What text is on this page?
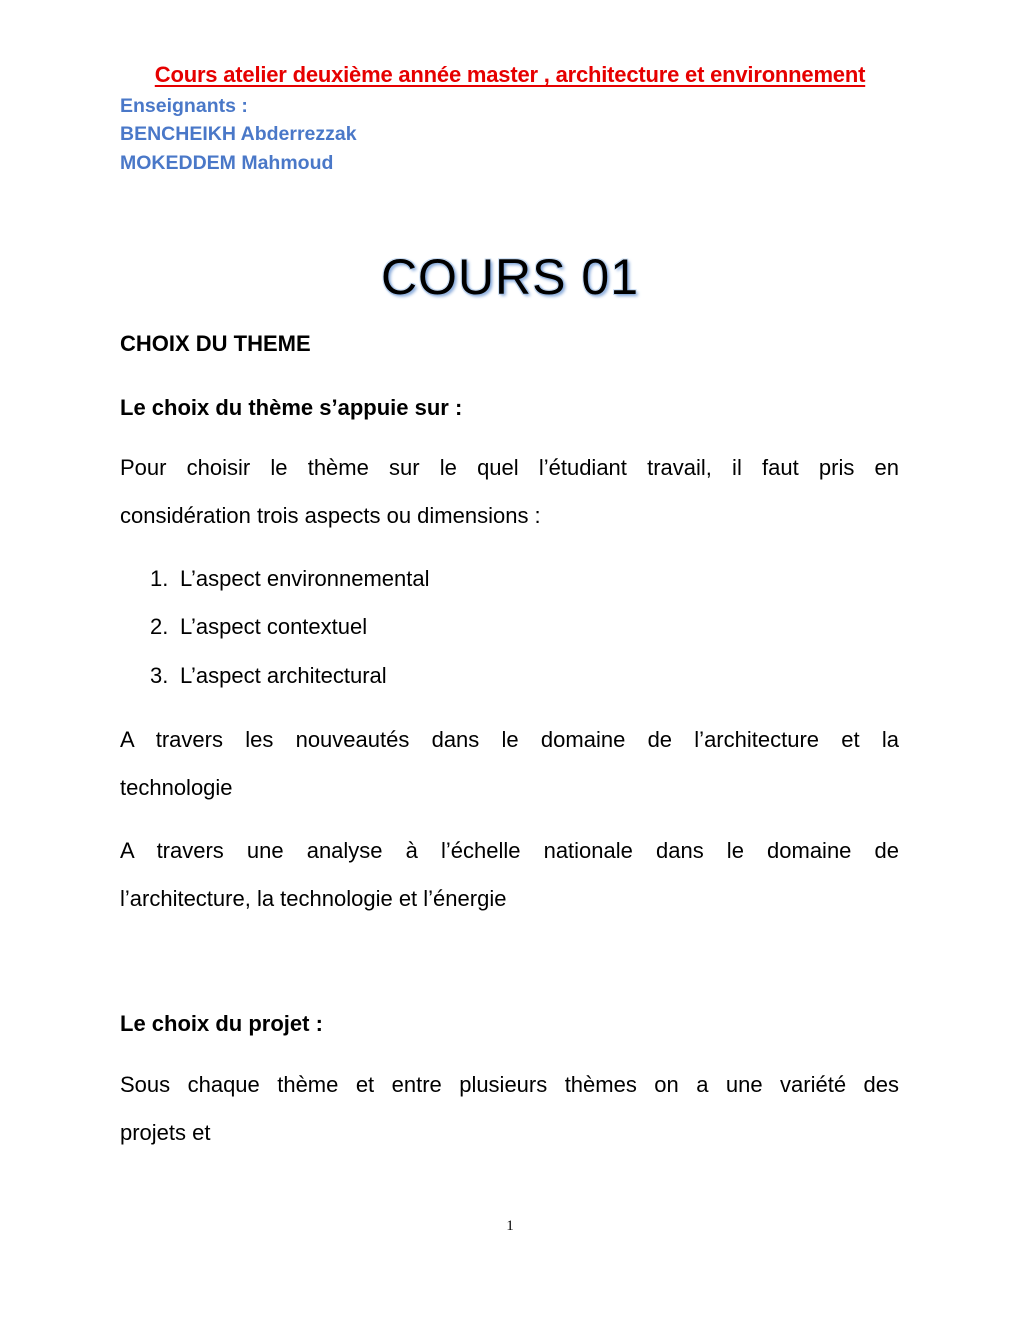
Cours atelier deuxième année master , architecture et environnement
Enseignants :
BENCHEIKH Abderrezzak
MOKEDDEM Mahmoud
COURS 01
CHOIX DU THEME
Le choix du thème s’appuie sur :
Pour choisir le thème sur le quel l’étudiant travail, il faut pris en
considération trois aspects ou dimensions :
1. L’aspect environnemental
2. L’aspect contextuel
3. L’aspect architectural
A travers les nouveautés dans le domaine de l’architecture et la
technologie
A travers une analyse à l’échelle nationale dans le domaine de
l’architecture, la technologie et l’énergie
Le choix du projet :
Sous chaque thème et entre plusieurs thèmes on a une variété des
projets et
1
